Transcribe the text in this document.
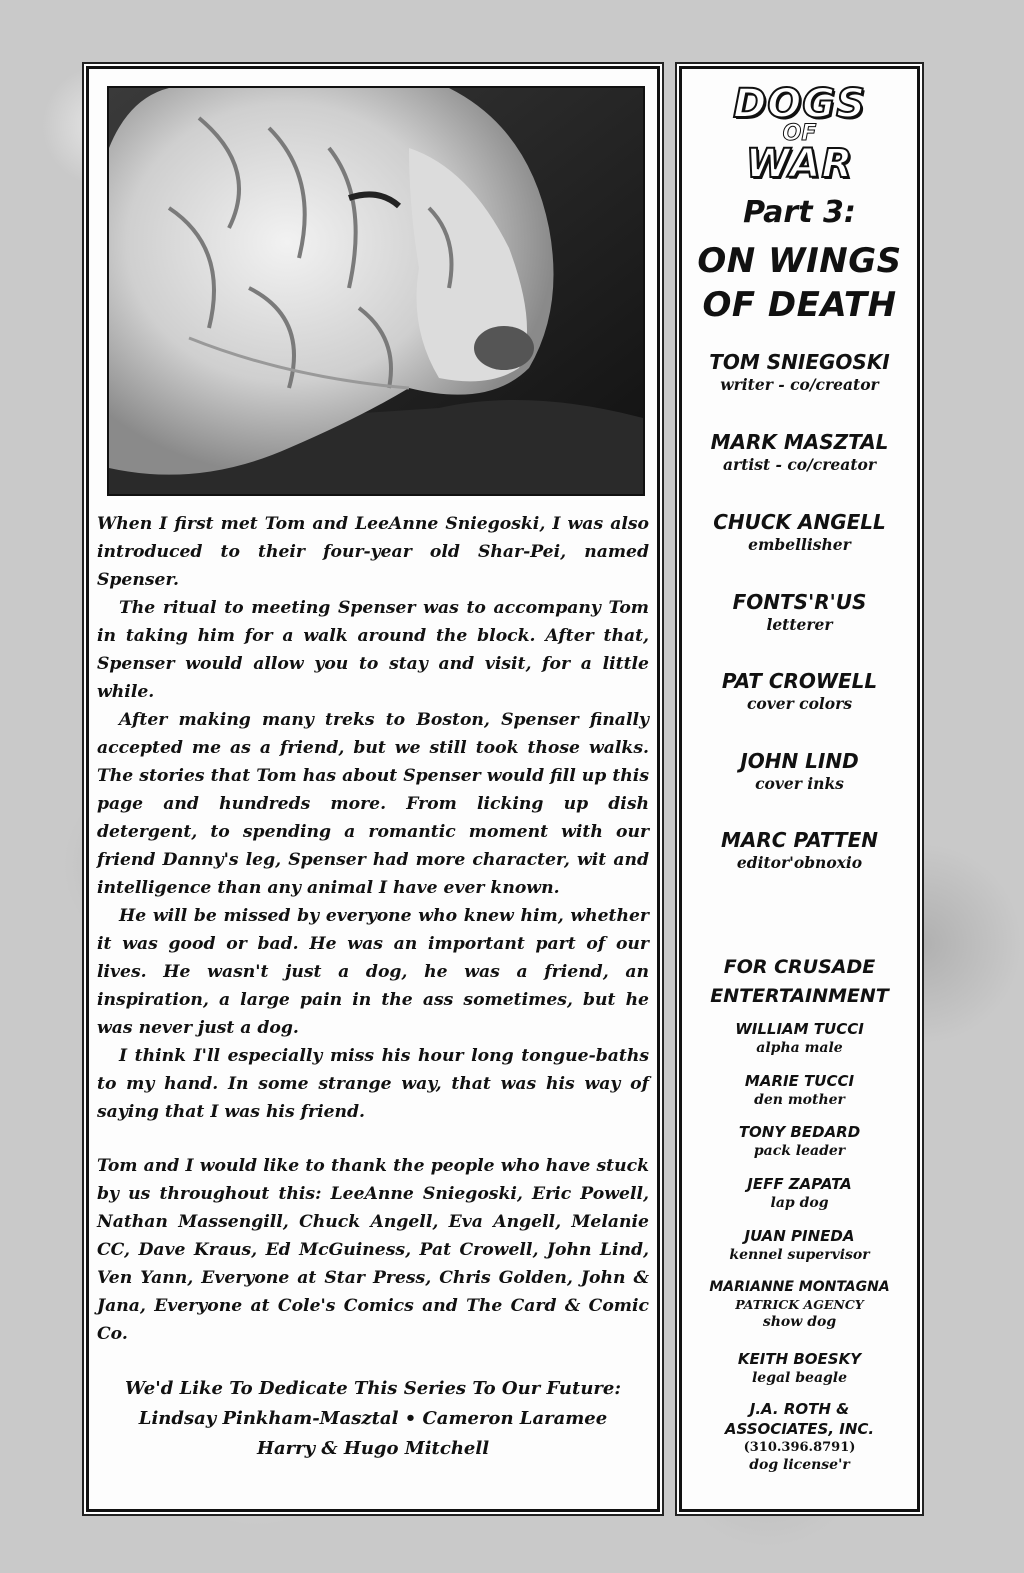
When I first met Tom and LeeAnne Sniegoski, I was also introduced to their four-year old Shar-Pei, named Spenser.

The ritual to meeting Spenser was to accompany Tom in taking him for a walk around the block. After that, Spenser would allow you to stay and visit, for a little while.

After making many treks to Boston, Spenser finally accepted me as a friend, but we still took those walks. The stories that Tom has about Spenser would fill up this page and hundreds more. From licking up dish detergent, to spending a romantic moment with our friend Danny's leg, Spenser had more character, wit and intelligence than any animal I have ever known.

He will be missed by everyone who knew him, whether it was good or bad. He was an important part of our lives. He wasn't just a dog, he was a friend, an inspiration, a large pain in the ass sometimes, but he was never just a dog.

I think I'll especially miss his hour long tongue-baths to my hand. In some strange way, that was his way of saying that I was his friend.

Tom and I would like to thank the people who have stuck by us throughout this: LeeAnne Sniegoski, Eric Powell, Nathan Massengill, Chuck Angell, Eva Angell, Melanie CC, Dave Kraus, Ed McGuiness, Pat Crowell, John Lind, Ven Yann, Everyone at Star Press, Chris Golden, John & Jana, Everyone at Cole's Comics and The Card & Comic Co.

We'd Like To Dedicate This Series To Our Future:
Lindsay Pinkham-Masztal • Cameron Laramee
Harry & Hugo Mitchell
DOGS
OF
WAR
Part 3:
ON WINGS
OF DEATH
TOM SNIEGOSKI
writer - co/creator
MARK MASZTAL
artist - co/creator
CHUCK ANGELL
embellisher
FONTS'R'US
letterer
PAT CROWELL
cover colors
JOHN LIND
cover inks
MARC PATTEN
editor'obnoxio
FOR CRUSADE
ENTERTAINMENT
WILLIAM TUCCI
alpha male
MARIE TUCCI
den mother
TONY BEDARD
pack leader
JEFF ZAPATA
lap dog
JUAN PINEDA
kennel supervisor
MARIANNE MONTAGNA
PATRICK AGENCY
show dog
KEITH BOESKY
legal beagle
J.A. ROTH &
ASSOCIATES, INC.
(310.396.8791)
dog license'r
